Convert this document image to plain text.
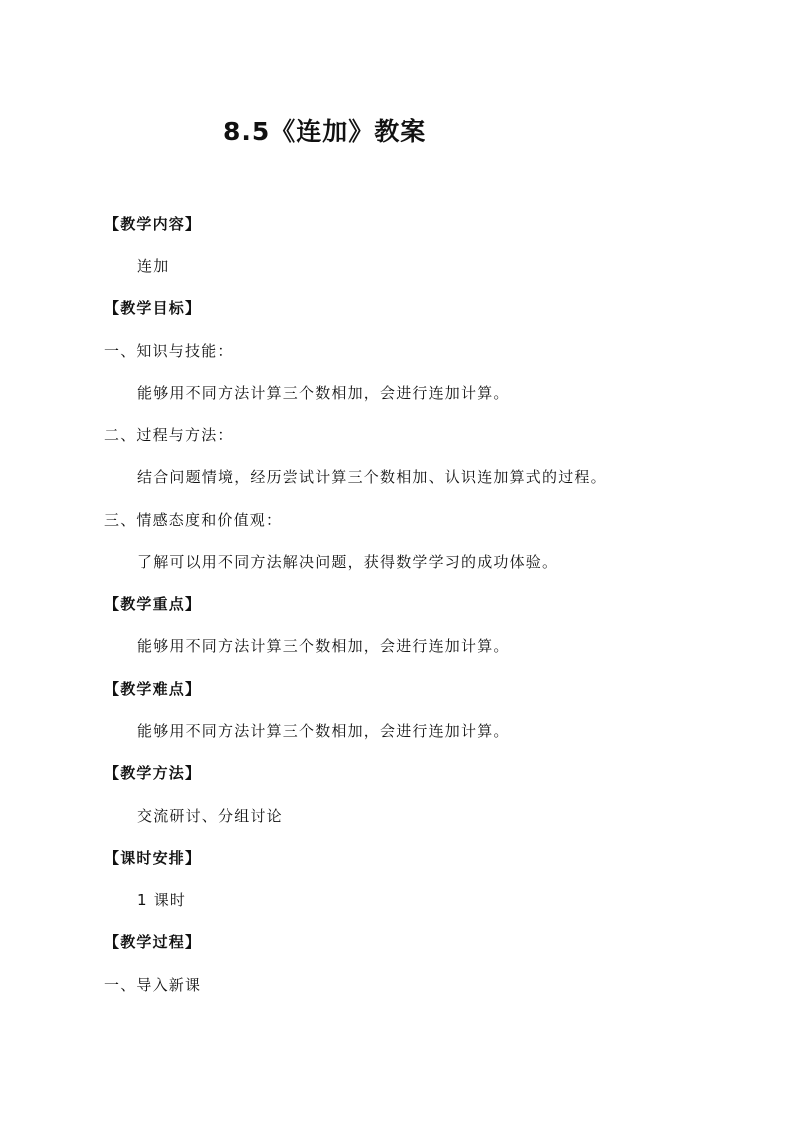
8.5《连加》教案
【教学内容】
连加
【教学目标】
一、知识与技能：
能够用不同方法计算三个数相加，会进行连加计算。
二、过程与方法：
结合问题情境，经历尝试计算三个数相加、认识连加算式的过程。
三、情感态度和价值观：
了解可以用不同方法解决问题，获得数学学习的成功体验。
【教学重点】
能够用不同方法计算三个数相加，会进行连加计算。
【教学难点】
能够用不同方法计算三个数相加，会进行连加计算。
【教学方法】
交流研讨、分组讨论
【课时安排】
1 课时
【教学过程】
一、导入新课
